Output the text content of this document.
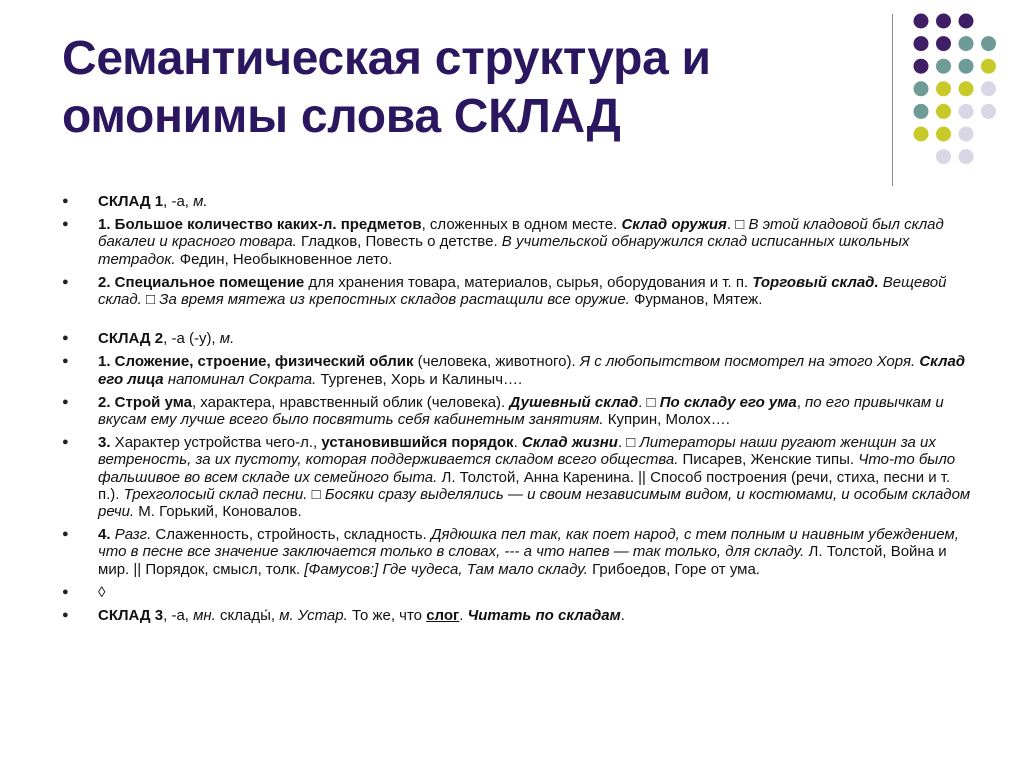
Семантическая структура и
омонимы слова СКЛАД
● СКЛАД 1, -а, м.
● 1. Большое количество каких-л. предметов, сложенных в одном месте. Склад оружия. □ В этой кладовой был склад бакалеи и красного товара. Гладков, Повесть о детстве. В учительской обнаружился склад исписанных школьных тетрадок. Федин, Необыкновенное лето.
● 2. Специальное помещение для хранения товара, материалов, сырья, оборудования и т. п. Торговый склад. Вещевой склад. □ За время мятежа из крепостных складов растащили все оружие. Фурманов, Мятеж.
● СКЛАД 2, -а (-у), м.
● 1. Сложение, строение, физический облик (человека, животного). Я с любопытством посмотрел на этого Хоря. Склад его лица напоминал Сократа. Тургенев, Хорь и Калиныч….
● 2. Строй ума, характера, нравственный облик (человека). Душевный склад. □ По складу его ума, по его привычкам и вкусам ему лучше всего было посвятить себя кабинетным занятиям. Куприн, Молох….
● 3. Характер устройства чего-л., установившийся порядок. Склад жизни. □ Литераторы наши ругают женщин за их ветреность, за их пустоту, которая поддерживается складом всего общества. Писарев, Женские типы. Что-то было фальшивое во всем складе их семейного быта. Л. Толстой, Анна Каренина. || Способ построения (речи, стиха, песни и т. п.). Трехголосый склад песни. □ Босяки сразу выделялись — и своим независимым видом, и костюмами, и особым складом речи. М. Горький, Коновалов.
● 4. Разг. Слаженность, стройность, складность. Дядюшка пел так, как поет народ, с тем полным и наивным убеждением, что в песне все значение заключается только в словах, --- а что напев — так только, для складу. Л. Толстой, Война и мир. || Порядок, смысл, толк. [Фамусов:] Где чудеса, Там мало складу. Грибоедов, Горе от ума.
● ◊
● СКЛАД 3, -а, мн. склады́, м. Устар. То же, что слог. Читать по складам.
